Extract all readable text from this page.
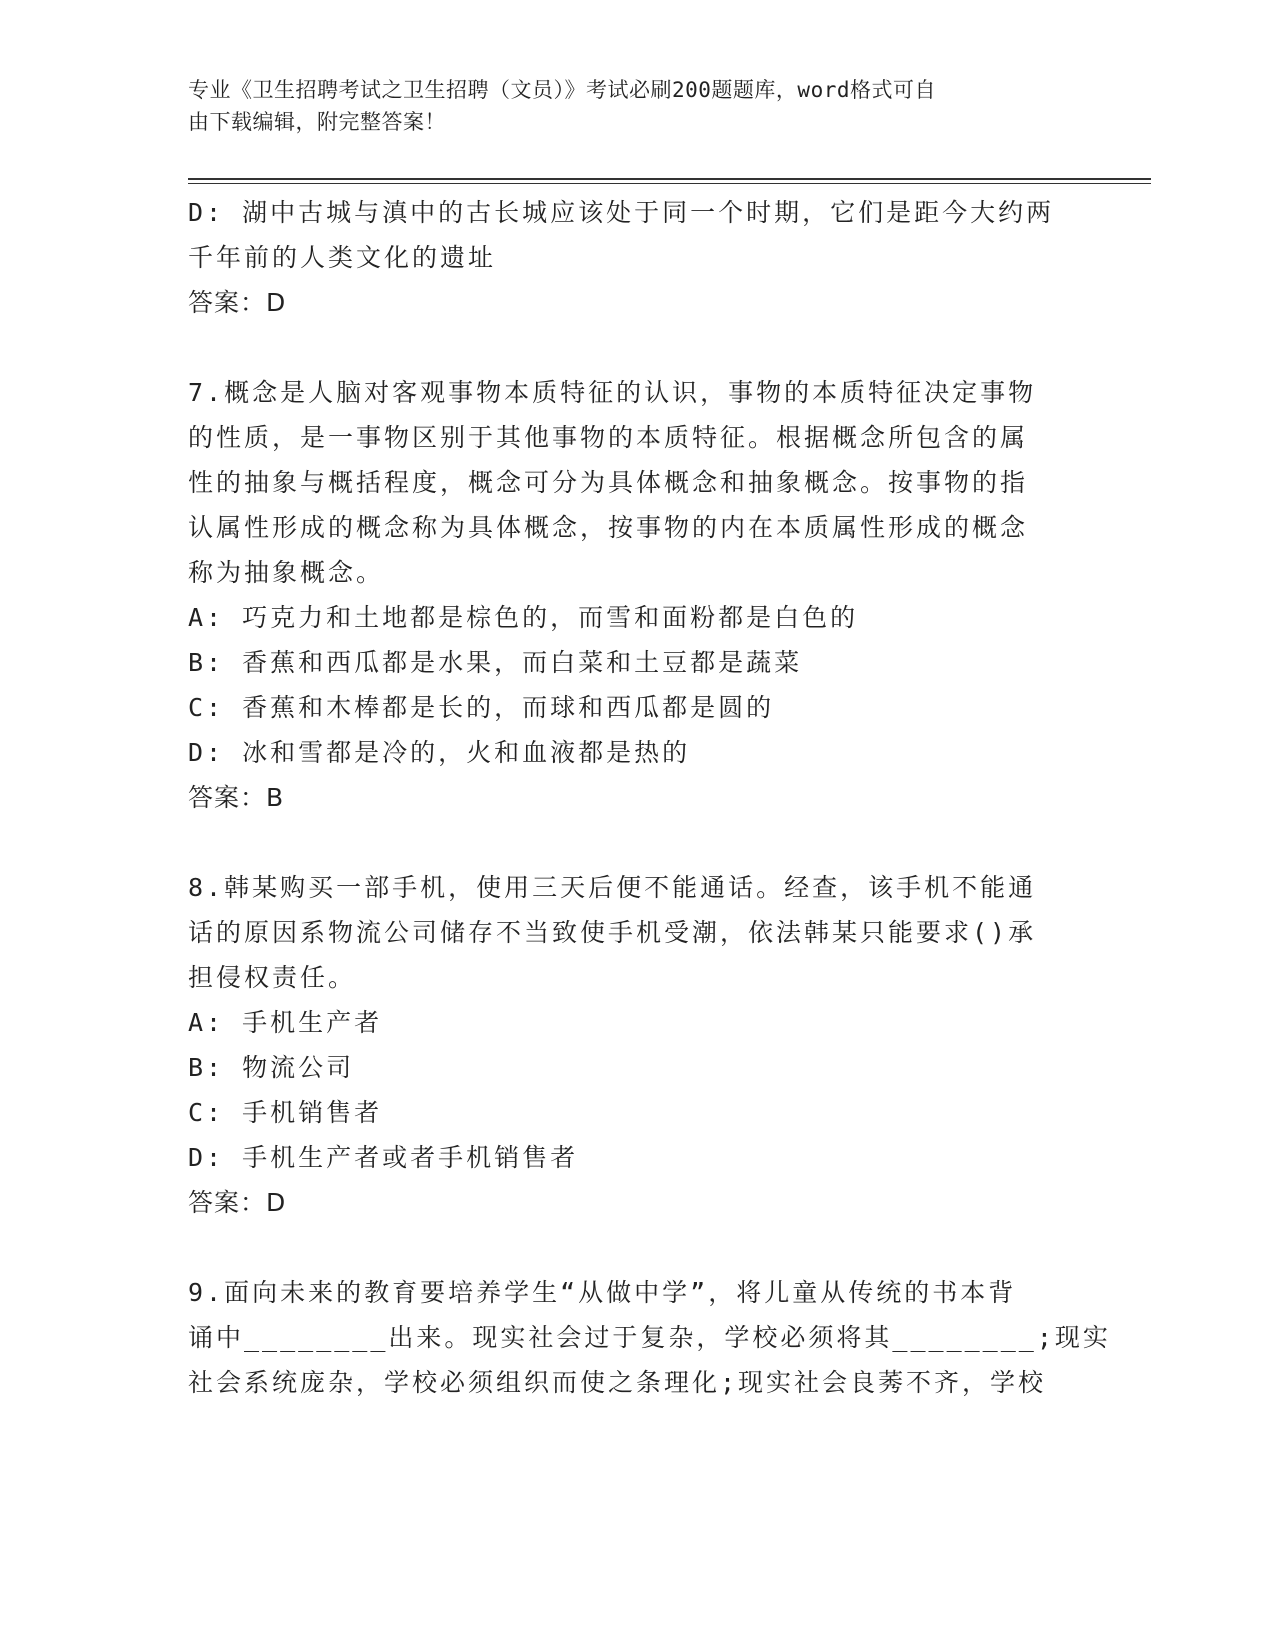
专业《卫生招聘考试之卫生招聘（文员）》考试必刷200题题库，word格式可自
由下载编辑，附完整答案！
D: 湖中古城与滇中的古长城应该处于同一个时期，它们是距今大约两
千年前的人类文化的遗址
答案：D
7.概念是人脑对客观事物本质特征的认识，事物的本质特征决定事物
的性质，是一事物区别于其他事物的本质特征。根据概念所包含的属
性的抽象与概括程度，概念可分为具体概念和抽象概念。按事物的指
认属性形成的概念称为具体概念，按事物的内在本质属性形成的概念
称为抽象概念。
A: 巧克力和土地都是棕色的，而雪和面粉都是白色的
B: 香蕉和西瓜都是水果，而白菜和土豆都是蔬菜
C: 香蕉和木棒都是长的，而球和西瓜都是圆的
D: 冰和雪都是冷的，火和血液都是热的
答案：B
8.韩某购买一部手机，使用三天后便不能通话。经查，该手机不能通
话的原因系物流公司储存不当致使手机受潮，依法韩某只能要求()承
担侵权责任。
A: 手机生产者
B: 物流公司
C: 手机销售者
D: 手机生产者或者手机销售者
答案：D
9.面向未来的教育要培养学生“从做中学”，将儿童从传统的书本背
诵中________出来。现实社会过于复杂，学校必须将其________;现实
社会系统庞杂，学校必须组织而使之条理化;现实社会良莠不齐，学校
